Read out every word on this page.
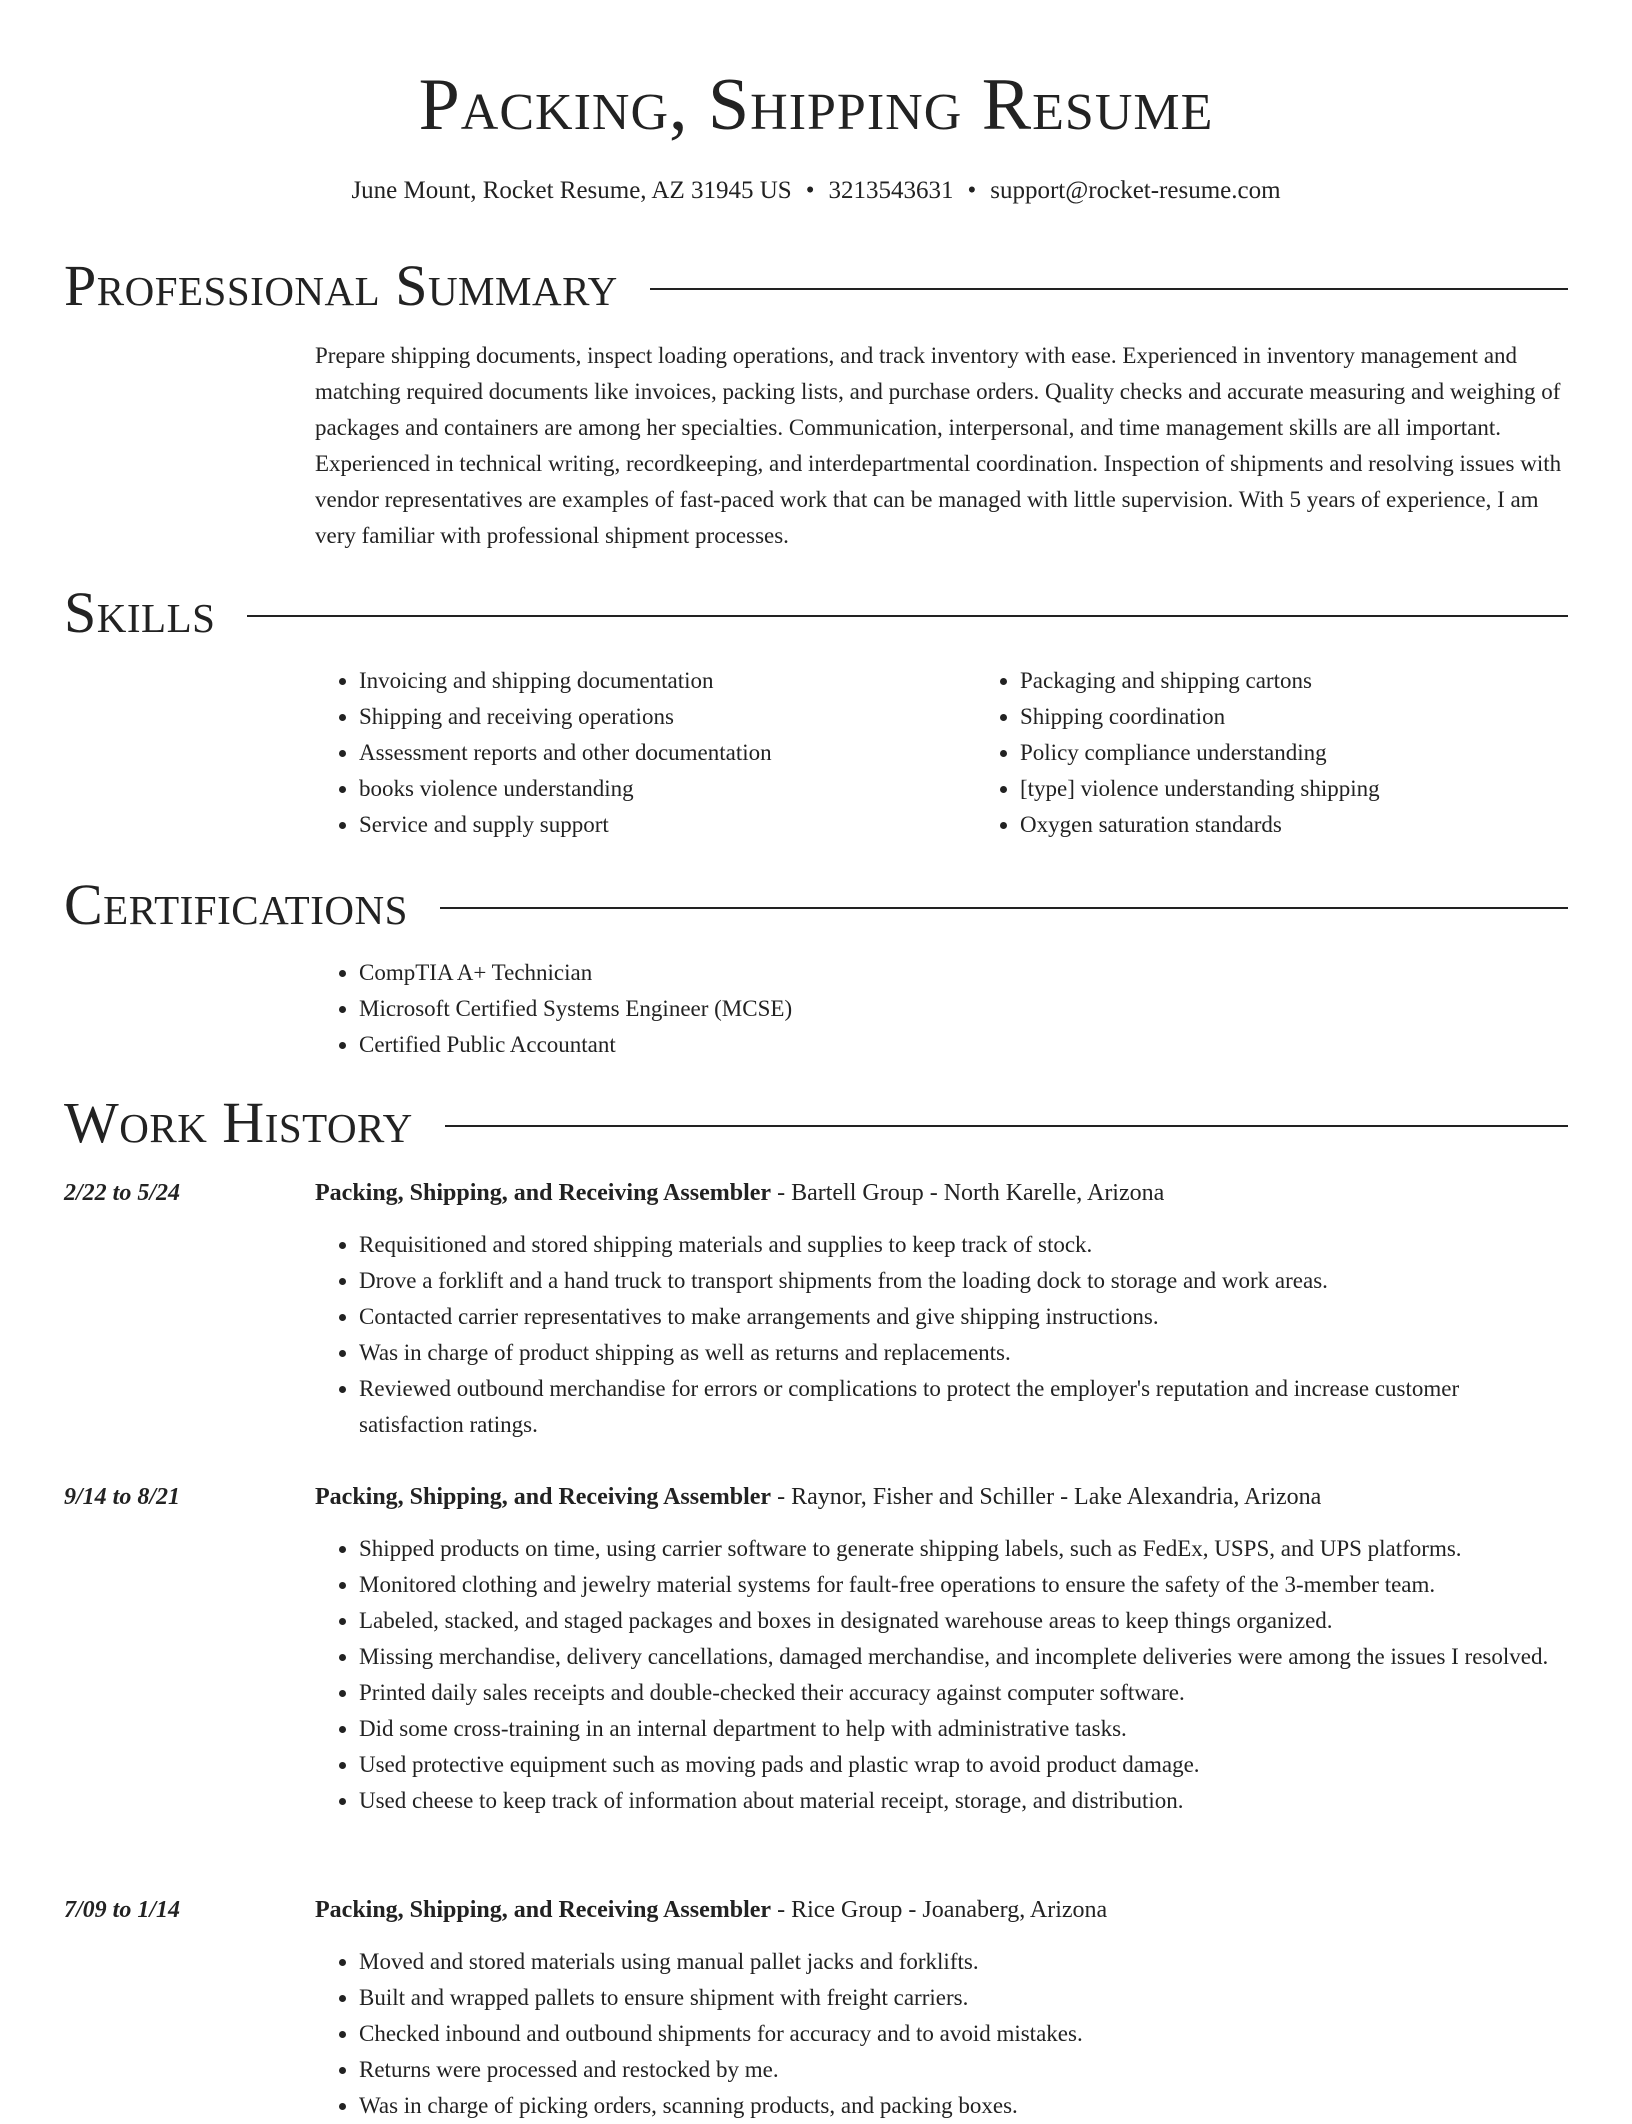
Packing, Shipping Resume
June Mount, Rocket Resume, AZ 31945 US • 3213543631 • support@rocket-resume.com
Professional Summary
Prepare shipping documents, inspect loading operations, and track inventory with ease. Experienced in inventory management and matching required documents like invoices, packing lists, and purchase orders. Quality checks and accurate measuring and weighing of packages and containers are among her specialties. Communication, interpersonal, and time management skills are all important. Experienced in technical writing, recordkeeping, and interdepartmental coordination. Inspection of shipments and resolving issues with vendor representatives are examples of fast-paced work that can be managed with little supervision. With 5 years of experience, I am very familiar with professional shipment processes.
Skills
• Invoicing and shipping documentation
• Shipping and receiving operations
• Assessment reports and other documentation
• books violence understanding
• Service and supply support
• Packaging and shipping cartons
• Shipping coordination
• Policy compliance understanding
• [type] violence understanding shipping
• Oxygen saturation standards
Certifications
• CompTIA A+ Technician
• Microsoft Certified Systems Engineer (MCSE)
• Certified Public Accountant
Work History
2/22 to 5/24	Packing, Shipping, and Receiving Assembler - Bartell Group - North Karelle, Arizona
• Requisitioned and stored shipping materials and supplies to keep track of stock.
• Drove a forklift and a hand truck to transport shipments from the loading dock to storage and work areas.
• Contacted carrier representatives to make arrangements and give shipping instructions.
• Was in charge of product shipping as well as returns and replacements.
• Reviewed outbound merchandise for errors or complications to protect the employer's reputation and increase customer satisfaction ratings.
9/14 to 8/21	Packing, Shipping, and Receiving Assembler - Raynor, Fisher and Schiller - Lake Alexandria, Arizona
• Shipped products on time, using carrier software to generate shipping labels, such as FedEx, USPS, and UPS platforms.
• Monitored clothing and jewelry material systems for fault-free operations to ensure the safety of the 3-member team.
• Labeled, stacked, and staged packages and boxes in designated warehouse areas to keep things organized.
• Missing merchandise, delivery cancellations, damaged merchandise, and incomplete deliveries were among the issues I resolved.
• Printed daily sales receipts and double-checked their accuracy against computer software.
• Did some cross-training in an internal department to help with administrative tasks.
• Used protective equipment such as moving pads and plastic wrap to avoid product damage.
• Used cheese to keep track of information about material receipt, storage, and distribution.
7/09 to 1/14	Packing, Shipping, and Receiving Assembler - Rice Group - Joanaberg, Arizona
• Moved and stored materials using manual pallet jacks and forklifts.
• Built and wrapped pallets to ensure shipment with freight carriers.
• Checked inbound and outbound shipments for accuracy and to avoid mistakes.
• Returns were processed and restocked by me.
• Was in charge of picking orders, scanning products, and packing boxes.
